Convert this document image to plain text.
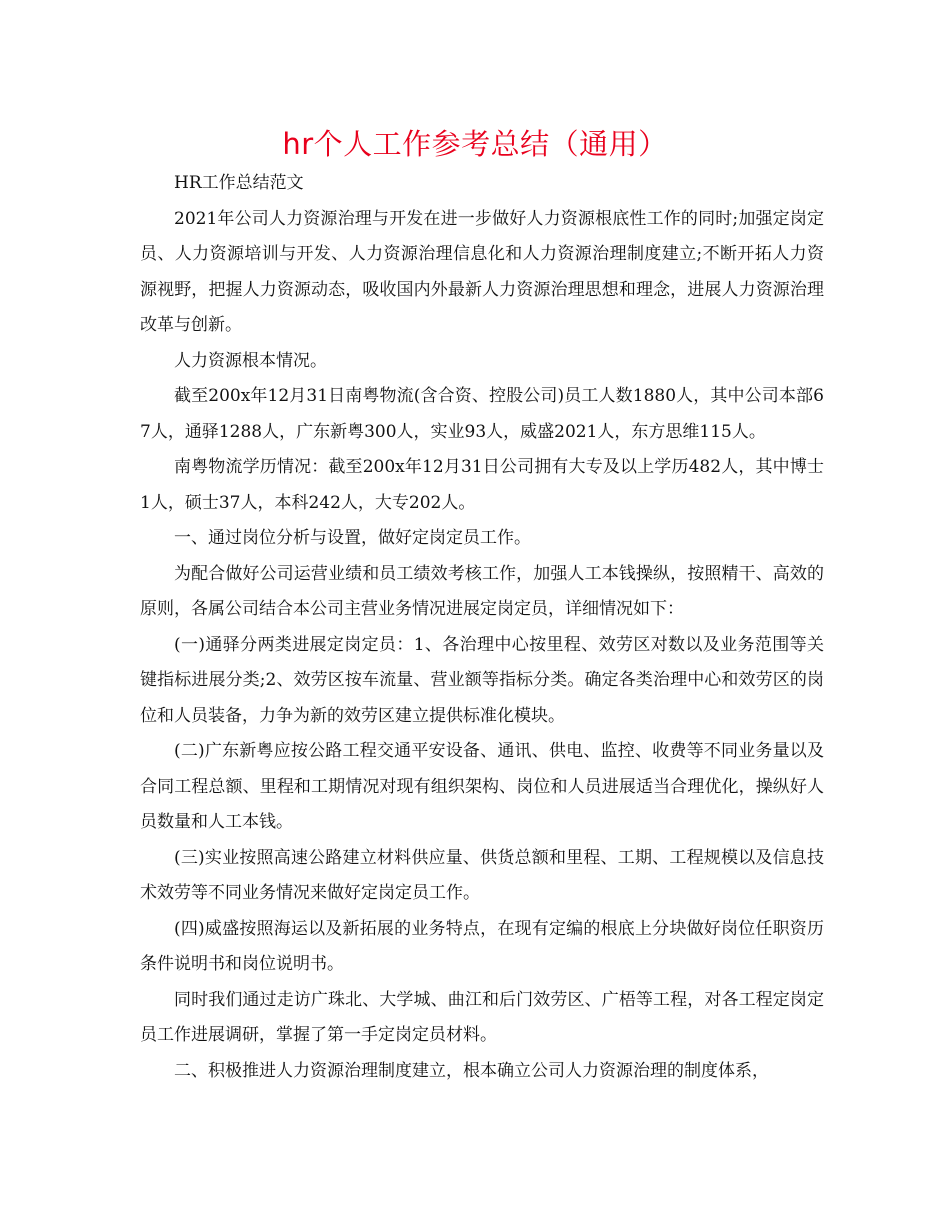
hr个人工作参考总结（通用）

HR工作总结范文

2021年公司人力资源治理与开发在进一步做好人力资源根底性工作的同时;加强定岗定员、人力资源培训与开发、人力资源治理信息化和人力资源治理制度建立;不断开拓人力资源视野，把握人力资源动态，吸收国内外最新人力资源治理思想和理念，进展人力资源治理改革与创新。

人力资源根本情况。

截至200x年12月31日南粤物流(含合资、控股公司)员工人数1880人，其中公司本部67人，通驿1288人，广东新粤300人，实业93人，威盛2021人，东方思维115人。

南粤物流学历情况：截至200x年12月31日公司拥有大专及以上学历482人，其中博士1人，硕士37人，本科242人，大专202人。

一、通过岗位分析与设置，做好定岗定员工作。

为配合做好公司运营业绩和员工绩效考核工作，加强人工本钱操纵，按照精干、高效的原则，各属公司结合本公司主营业务情况进展定岗定员，详细情况如下：

(一)通驿分两类进展定岗定员：1、各治理中心按里程、效劳区对数以及业务范围等关键指标进展分类;2、效劳区按车流量、营业额等指标分类。确定各类治理中心和效劳区的岗位和人员装备，力争为新的效劳区建立提供标准化模块。

(二)广东新粤应按公路工程交通平安设备、通讯、供电、监控、收费等不同业务量以及合同工程总额、里程和工期情况对现有组织架构、岗位和人员进展适当合理优化，操纵好人员数量和人工本钱。

(三)实业按照高速公路建立材料供应量、供货总额和里程、工期、工程规模以及信息技术效劳等不同业务情况来做好定岗定员工作。

(四)威盛按照海运以及新拓展的业务特点，在现有定编的根底上分块做好岗位任职资历条件说明书和岗位说明书。

同时我们通过走访广珠北、大学城、曲江和后门效劳区、广梧等工程，对各工程定岗定员工作进展调研，掌握了第一手定岗定员材料。

二、积极推进人力资源治理制度建立，根本确立公司人力资源治理的制度体系，
